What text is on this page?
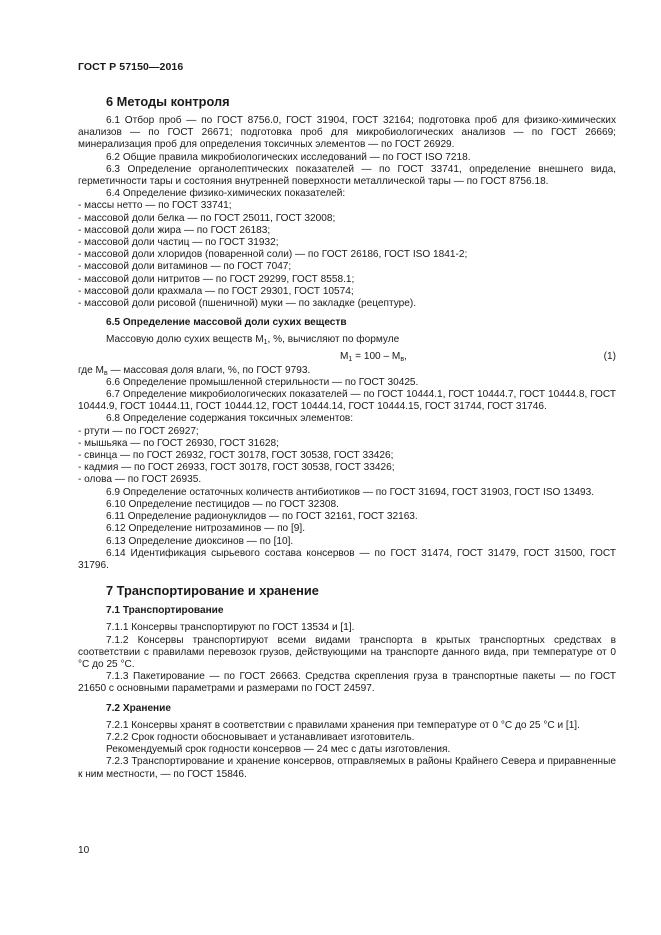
ГОСТ Р 57150—2016
6 Методы контроля

6.1 Отбор проб — по ГОСТ 8756.0, ГОСТ 31904, ГОСТ 32164; подготовка проб для физико-химических анализов — по ГОСТ 26671; подготовка проб для микробиологических анализов — по ГОСТ 26669; минерализация проб для определения токсичных элементов — по ГОСТ 26929.

6.2 Общие правила микробиологических исследований — по ГОСТ ISO 7218.

6.3 Определение органолептических показателей — по ГОСТ 33741, определение внешнего вида, герметичности тары и состояния внутренней поверхности металлической тары — по ГОСТ 8756.18.

6.4 Определение физико-химических показателей:

- массы нетто — по ГОСТ 33741;

- массовой доли белка — по ГОСТ 25011, ГОСТ 32008;

- массовой доли жира — по ГОСТ 26183;

- массовой доли частиц — по ГОСТ 31932;

- массовой доли хлоридов (поваренной соли) — по ГОСТ 26186, ГОСТ ISO 1841-2;

- массовой доли витаминов — по ГОСТ 7047;

- массовой доли нитритов — по ГОСТ 29299, ГОСТ 8558.1;

- массовой доли крахмала — по ГОСТ 29301, ГОСТ 10574;

- массовой доли рисовой (пшеничной) муки — по закладке (рецептуре).

6.5 Определение массовой доли сухих веществ

Массовую долю сухих веществ $М_1$, %, вычисляют по формуле

$М_1 = 100 - М_в$,	(1)

где $М_в$ — массовая доля влаги, %, по ГОСТ 9793.

6.6 Определение промышленной стерильности — по ГОСТ 30425.

6.7 Определение микробиологических показателей — по ГОСТ 10444.1, ГОСТ 10444.7, ГОСТ 10444.8, ГОСТ 10444.9, ГОСТ 10444.11, ГОСТ 10444.12, ГОСТ 10444.14, ГОСТ 10444.15, ГОСТ 31744, ГОСТ 31746.

6.8 Определение содержания токсичных элементов:

- ртути — по ГОСТ 26927;

- мышьяка — по ГОСТ 26930, ГОСТ 31628;

- свинца — по ГОСТ 26932, ГОСТ 30178, ГОСТ 30538, ГОСТ 33426;

- кадмия — по ГОСТ 26933, ГОСТ 30178, ГОСТ 30538, ГОСТ 33426;

- олова — по ГОСТ 26935.

6.9 Определение остаточных количеств антибиотиков — по ГОСТ 31694, ГОСТ 31903, ГОСТ ISO 13493.

6.10 Определение пестицидов — по ГОСТ 32308.

6.11 Определение радионуклидов — по ГОСТ 32161, ГОСТ 32163.

6.12 Определение нитрозаминов — по [9].

6.13 Определение диоксинов — по [10].

6.14 Идентификация сырьевого состава консервов — по ГОСТ 31474, ГОСТ 31479, ГОСТ 31500, ГОСТ 31796.

7 Транспортирование и хранение
7.1 Транспортирование

7.1.1 Консервы транспортируют по ГОСТ 13534 и [1].

7.1.2 Консервы транспортируют всеми видами транспорта в крытых транспортных средствах в соответствии с правилами перевозок грузов, действующими на транспорте данного вида, при температуре от 0 °С до 25 °С.

7.1.3 Пакетирование — по ГОСТ 26663. Средства скрепления груза в транспортные пакеты — по ГОСТ 21650 с основными параметрами и размерами по ГОСТ 24597.

7.2 Хранение

7.2.1 Консервы хранят в соответствии с правилами хранения при температуре от 0 °С до 25 °С и [1].

7.2.2 Срок годности обосновывает и устанавливает изготовитель.

Рекомендуемый срок годности консервов — 24 мес с даты изготовления.

7.2.3 Транспортирование и хранение консервов, отправляемых в районы Крайнего Севера и приравненные к ним местности, — по ГОСТ 15846.

10
